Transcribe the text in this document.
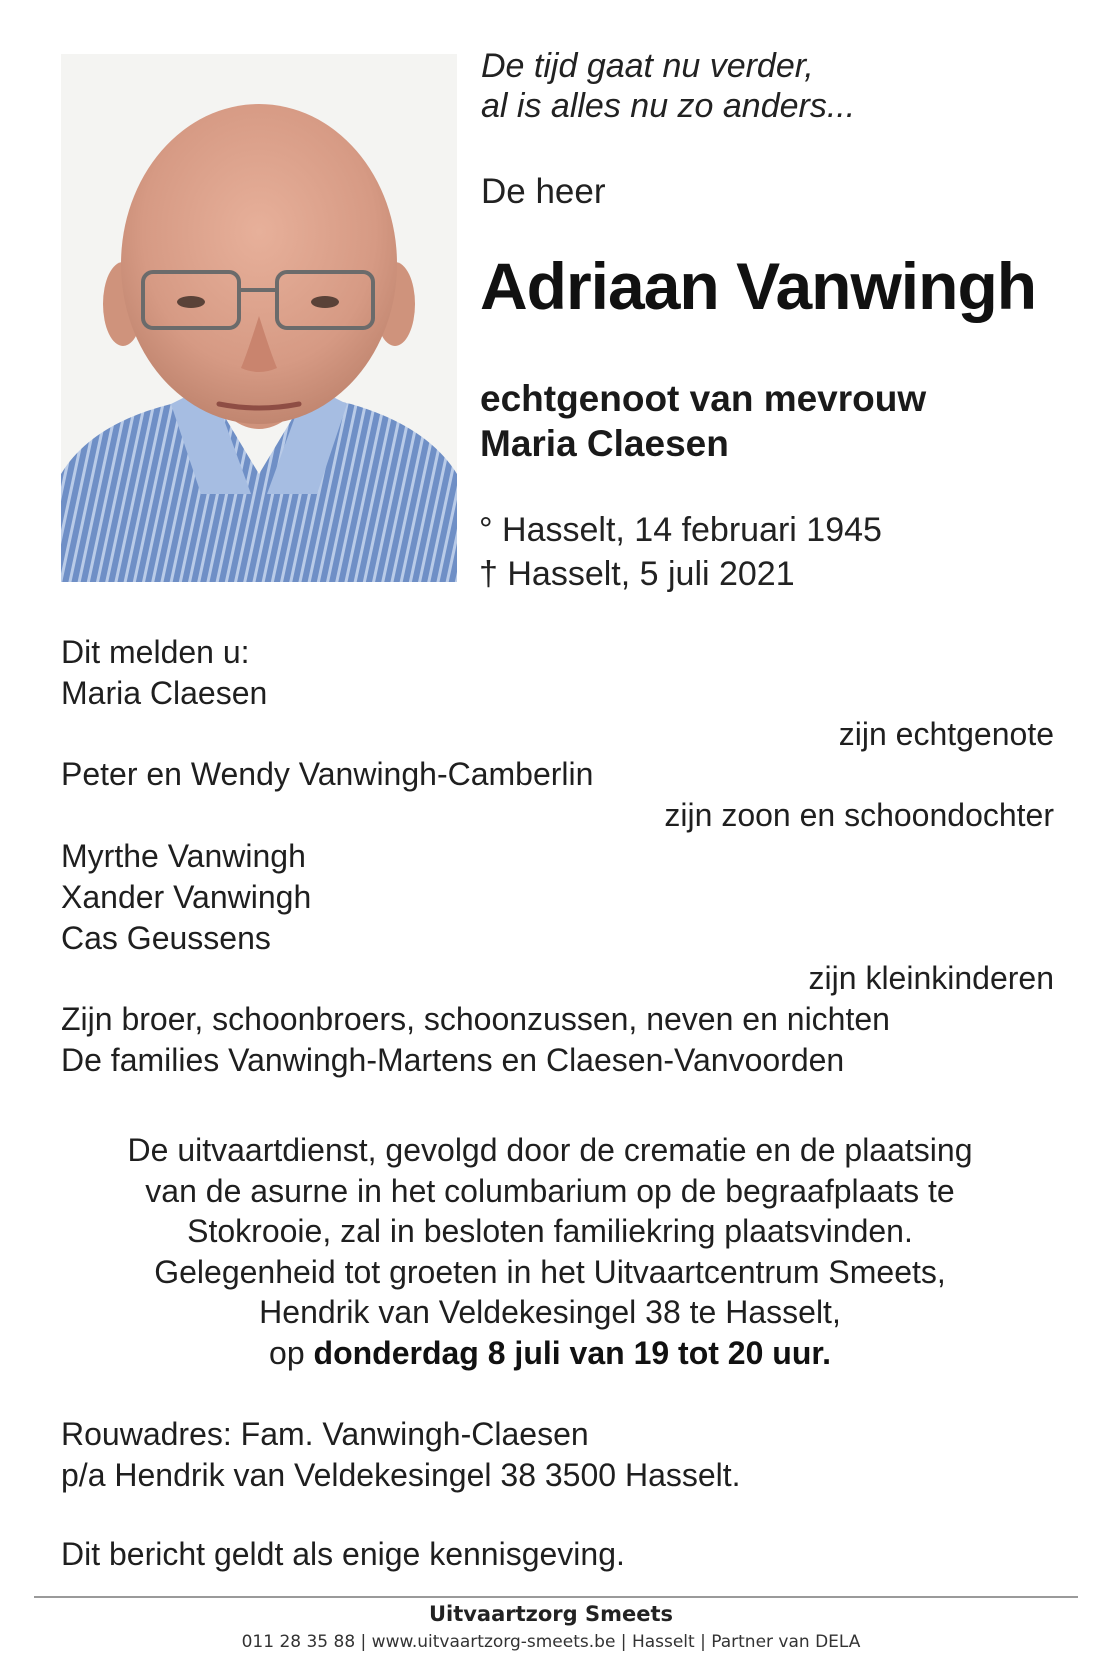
De tijd gaat nu verder,
al is alles nu zo anders...
De heer
Adriaan Vanwingh
echtgenoot van mevrouw
Maria Claesen
° Hasselt, 14 februari 1945
† Hasselt, 5 juli 2021
Dit melden u:
Maria Claesen
zijn echtgenote
Peter en Wendy Vanwingh-Camberlin
zijn zoon en schoondochter
Myrthe Vanwingh
Xander Vanwingh
Cas Geussens
zijn kleinkinderen
Zijn broer, schoonbroers, schoonzussen, neven en nichten
De families Vanwingh-Martens en Claesen-Vanvoorden
De uitvaartdienst, gevolgd door de crematie en de plaatsing
van de asurne in het columbarium op de begraafplaats te
Stokrooie, zal in besloten familiekring plaatsvinden.
Gelegenheid tot groeten in het Uitvaartcentrum Smeets,
Hendrik van Veldekesingel 38 te Hasselt,
op donderdag 8 juli van 19 tot 20 uur.
Rouwadres: Fam. Vanwingh-Claesen
p/a Hendrik van Veldekesingel 38 3500 Hasselt.
Dit bericht geldt als enige kennisgeving.
Uitvaartzorg Smeets
011 28 35 88 | www.uitvaartzorg-smeets.be | Hasselt | Partner van DELA
